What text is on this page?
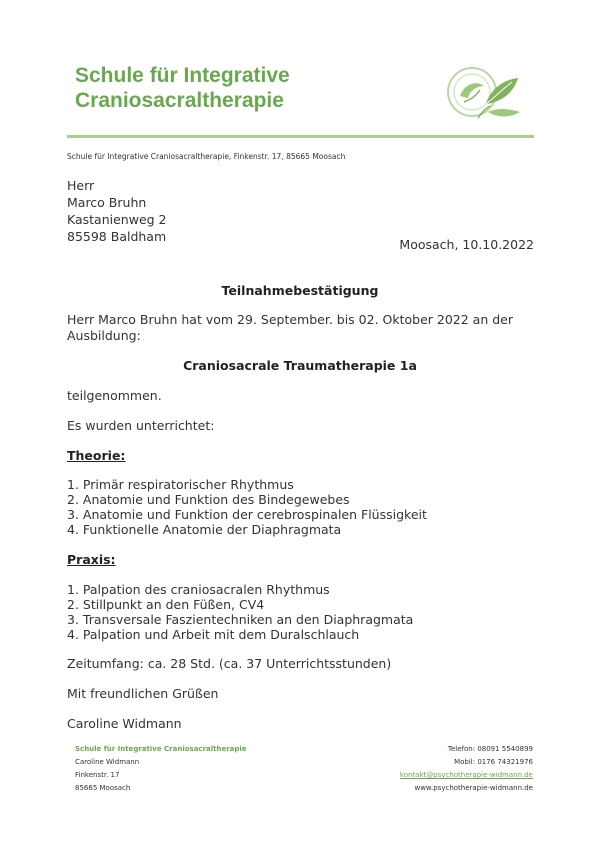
Schule für Integrative
Craniosacraltherapie
Schule für Integrative Craniosacraltherapie, Finkenstr. 17, 85665 Moosach
Herr
Marco Bruhn
Kastanienweg 2
85598 Baldham
Moosach, 10.10.2022
Teilnahmebestätigung
Herr Marco Bruhn hat vom 29. September. bis 02. Oktober 2022 an der
Ausbildung:
Craniosacrale Traumatherapie 1a
teilgenommen.
Es wurden unterrichtet:
Theorie:
1. Primär respiratorischer Rhythmus
2. Anatomie und Funktion des Bindegewebes
3. Anatomie und Funktion der cerebrospinalen Flüssigkeit
4. Funktionelle Anatomie der Diaphragmata
Praxis:
1. Palpation des craniosacralen Rhythmus
2. Stillpunkt an den Füßen, CV4
3. Transversale Faszientechniken an den Diaphragmata
4. Palpation und Arbeit mit dem Duralschlauch
Zeitumfang: ca. 28 Std. (ca. 37 Unterrichtsstunden)
Mit freundlichen Grüßen
Caroline Widmann
Schule für Integrative Craniosacraltherapie
Caroline Widmann
Finkenstr. 17
85665 Moosach
Telefon: 08091 5540899
Mobil: 0176 74321976
kontakt@psychotherapie-widmann.de
www.psychotherapie-widmann.de
